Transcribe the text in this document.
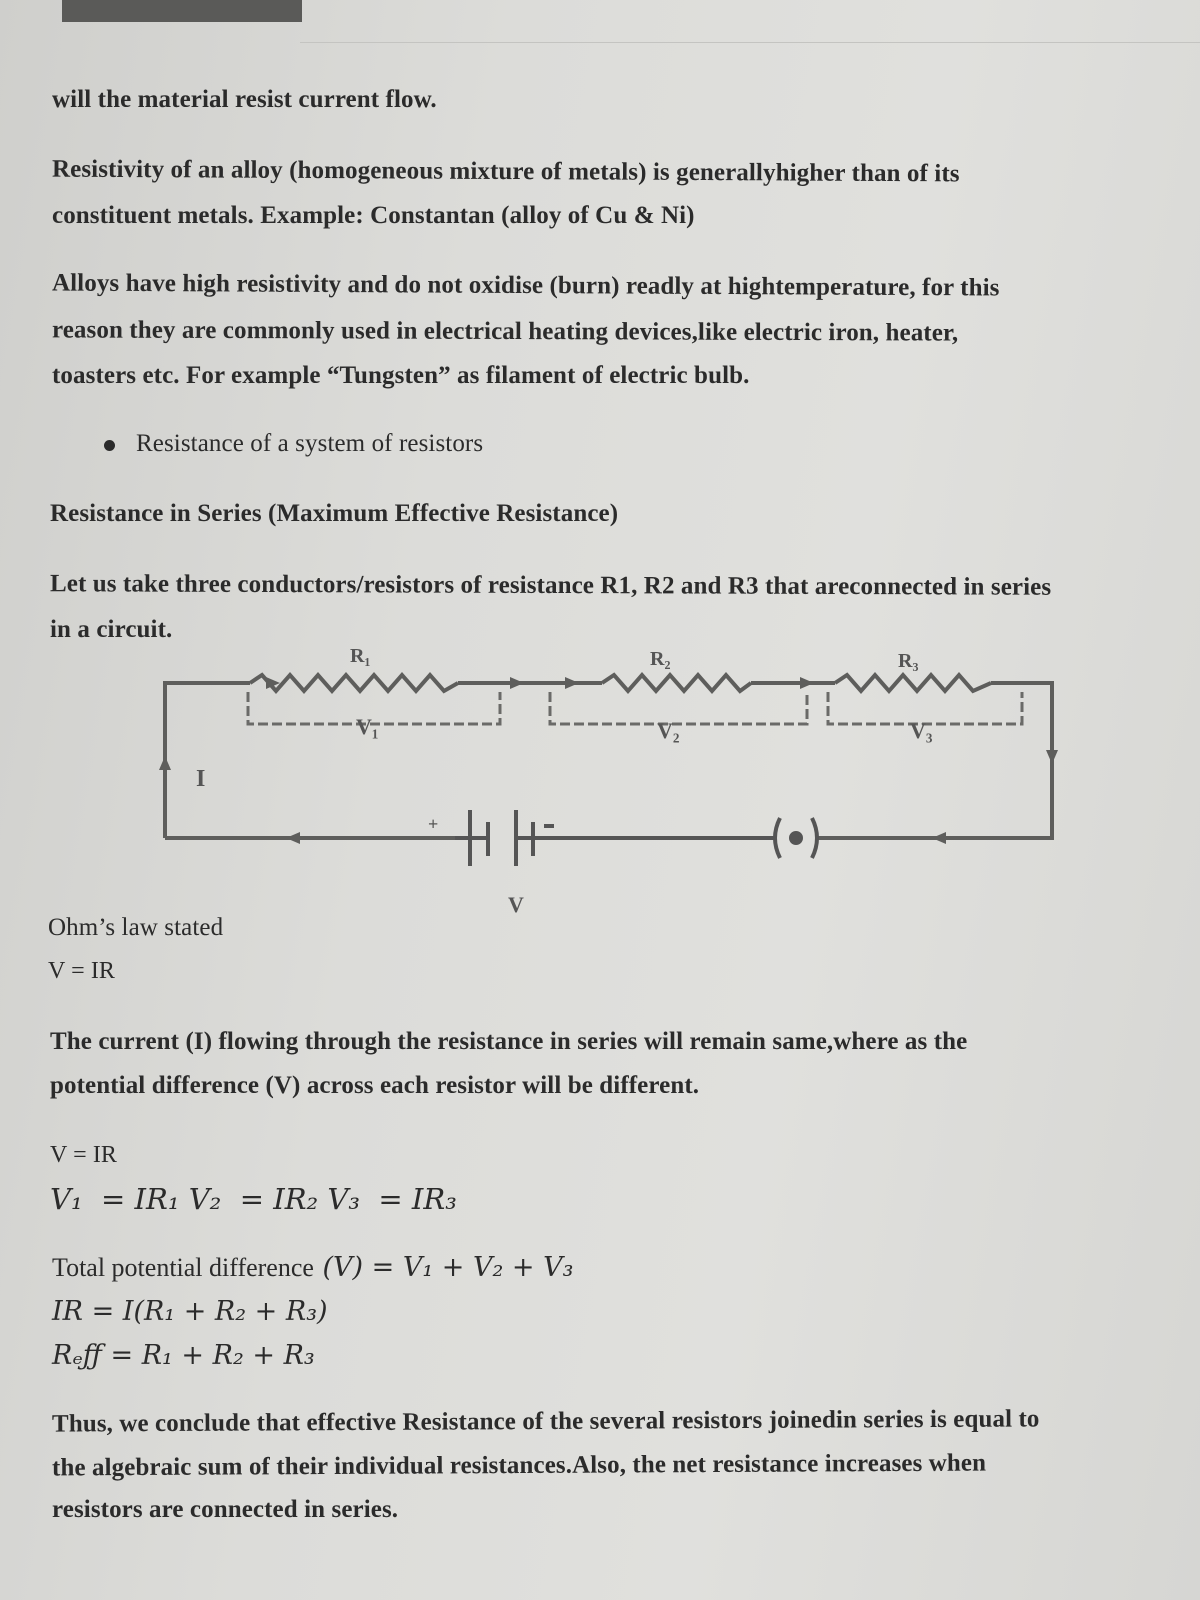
will the material resist current flow.
Resistivity of an alloy (homogeneous mixture of metals) is generallyhigher than of its
constituent metals. Example: Constantan (alloy of Cu & Ni)
Alloys have high resistivity and do not oxidise (burn) readly at hightemperature, for this
reason they are commonly used in electrical heating devices,like electric iron, heater,
toasters etc. For example “Tungsten” as filament of electric bulb.
Resistance of a system of resistors
Resistance in Series (Maximum Effective Resistance)
Let us take three conductors/resistors of resistance R1, R2 and R3 that areconnected in series
in a circuit.
R₁	R₂	R₃
V₁	V₂	V₃
I
V
+
Ohm’s law stated
V = IR
The current (I) flowing through the resistance in series will remain same,where as the
potential difference (V) across each resistor will be different.
V = IR
V₁ = IR₁ V₂ = IR₂ V₃ = IR₃
Total potential difference (V) = V₁ + V₂ + V₃
IR = I(R₁ + R₂ + R₃)
Rₑƒƒ = R₁ + R₂ + R₃
Thus, we conclude that effective Resistance of the several resistors joinedin series is equal to
the algebraic sum of their individual resistances.Also, the net resistance increases when
resistors are connected in series.
